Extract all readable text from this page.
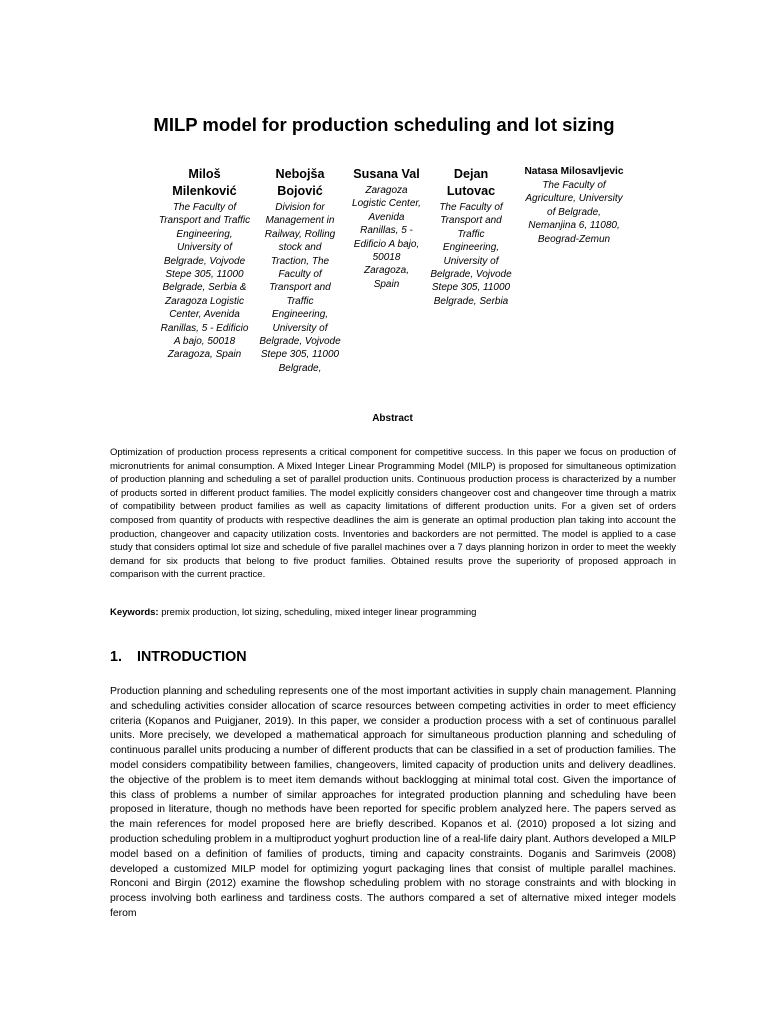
MILP model for production scheduling and lot sizing
Miloš Milenković
The Faculty of Transport and Traffic Engineering, University of Belgrade, Vojvode Stepe 305, 11000 Belgrade, Serbia & Zaragoza Logistic Center, Avenida Ranillas, 5 - Edificio A bajo, 50018 Zaragoza, Spain
Nebojša Bojović
Division for Management in Railway, Rolling stock and Traction, The Faculty of Transport and Traffic Engineering, University of Belgrade, Vojvode Stepe 305, 11000 Belgrade,
Susana Val
Zaragoza Logistic Center, Avenida Ranillas, 5 - Edificio A bajo, 50018 Zaragoza, Spain
Dejan Lutovac
The Faculty of Transport and Traffic Engineering, University of Belgrade, Vojvode Stepe 305, 11000 Belgrade, Serbia
Natasa Milosavljevic
The Faculty of Agriculture, University of Belgrade, Nemanjina 6, 11080, Beograd-Zemun
Abstract
Optimization of production process represents a critical component for competitive success. In this paper we focus on production of micronutrients for animal consumption. A Mixed Integer Linear Programming Model (MILP) is proposed for simultaneous optimization of production planning and scheduling a set of parallel production units. Continuous production process is characterized by a number of products sorted in different product families. The model explicitly considers changeover cost and changeover time through a matrix of compatibility between product families as well as capacity limitations of different production units. For a given set of orders composed from quantity of products with respective deadlines the aim is generate an optimal production plan taking into account the production, changeover and capacity utilization costs. Inventories and backorders are not permitted. The model is applied to a case study that considers optimal lot size and schedule of five parallel machines over a 7 days planning horizon in order to meet the weekly demand for six products that belong to five product families. Obtained results prove the superiority of proposed approach in comparison with the current practice.
Keywords: premix production, lot sizing, scheduling, mixed integer linear programming
1. INTRODUCTION
Production planning and scheduling represents one of the most important activities in supply chain management. Planning and scheduling activities consider allocation of scarce resources between competing activities in order to meet efficiency criteria (Kopanos and Puigjaner, 2019). In this paper, we consider a production process with a set of continuous parallel units. More precisely, we developed a mathematical approach for simultaneous production planning and scheduling of continuous parallel units producing a number of different products that can be classified in a set of production families. The model considers compatibility between families, changeovers, limited capacity of production units and delivery deadlines. the objective of the problem is to meet item demands without backlogging at minimal total cost. Given the importance of this class of problems a number of similar approaches for integrated production planning and scheduling have been proposed in literature, though no methods have been reported for specific problem analyzed here. The papers served as the main references for model proposed here are briefly described. Kopanos et al. (2010) proposed a lot sizing and production scheduling problem in a multiproduct yoghurt production line of a real-life dairy plant. Authors developed a MILP model based on a definition of families of products, timing and capacity constraints. Doganis and Sarimveis (2008) developed a customized MILP model for optimizing yogurt packaging lines that consist of multiple parallel machines. Ronconi and Birgin (2012) examine the flowshop scheduling problem with no storage constraints and with blocking in process involving both earliness and tardiness costs. The authors compared a set of alternative mixed integer models ferom
